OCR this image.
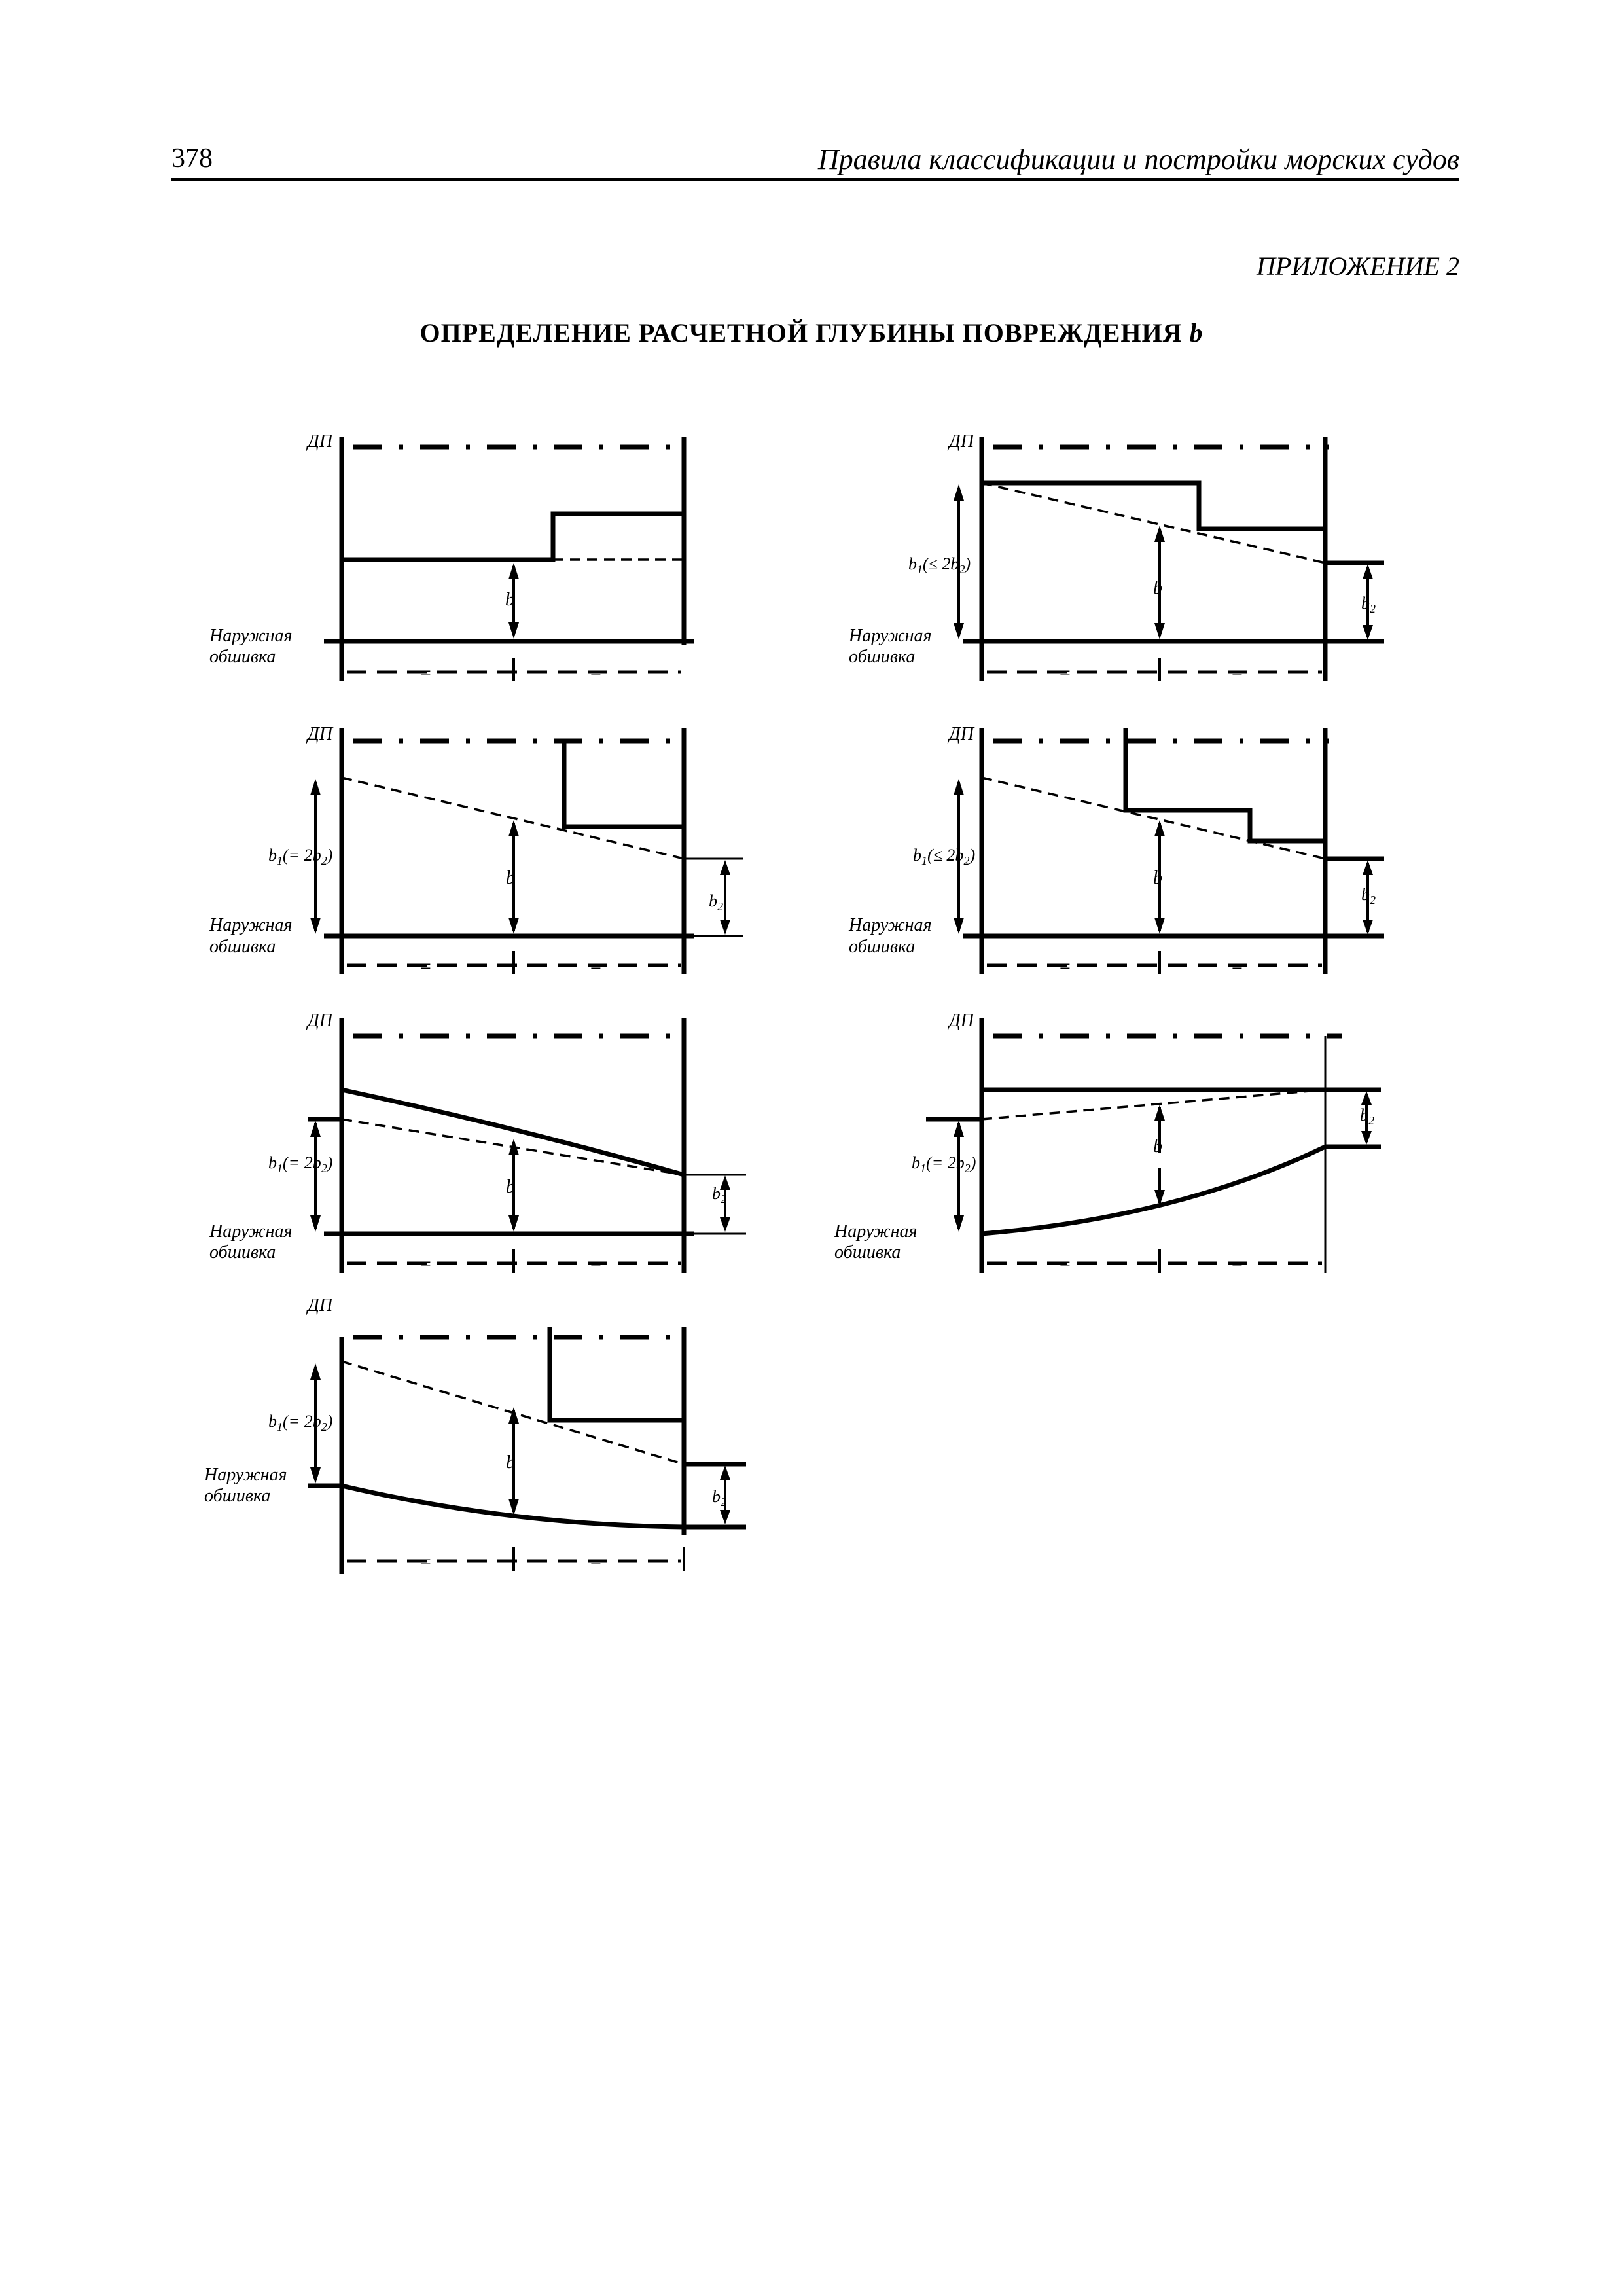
378	Правила классификации и постройки морских судов
ПРИЛОЖЕНИЕ 2
ОПРЕДЕЛЕНИЕ РАСЧЕТНОЙ ГЛУБИНЫ ПОВРЕЖДЕНИЯ b
ДП
b
Наружная
обшивка
=	=
ДП
$b_1(\le 2b_2)$
b
$b_2$
Наружная
обшивка
=	=
ДП
$b_1(= 2b_2)$
b
$b_2$
Наружная
обшивка
=	=
ДП
$b_1(\le 2b_2)$
b
$b_2$
Наружная
обшивка
=	=
ДП
$b_1(= 2b_2)$
b	$b_2$
Наружная
обшивка
=	=
ДП
$b_1(= 2b_2)$
b
$b_2$
Наружная
обшивка
=	=
ДП
$b_1(= 2b_2)$
b
$b_2$
Наружная
обшивка
=	=
